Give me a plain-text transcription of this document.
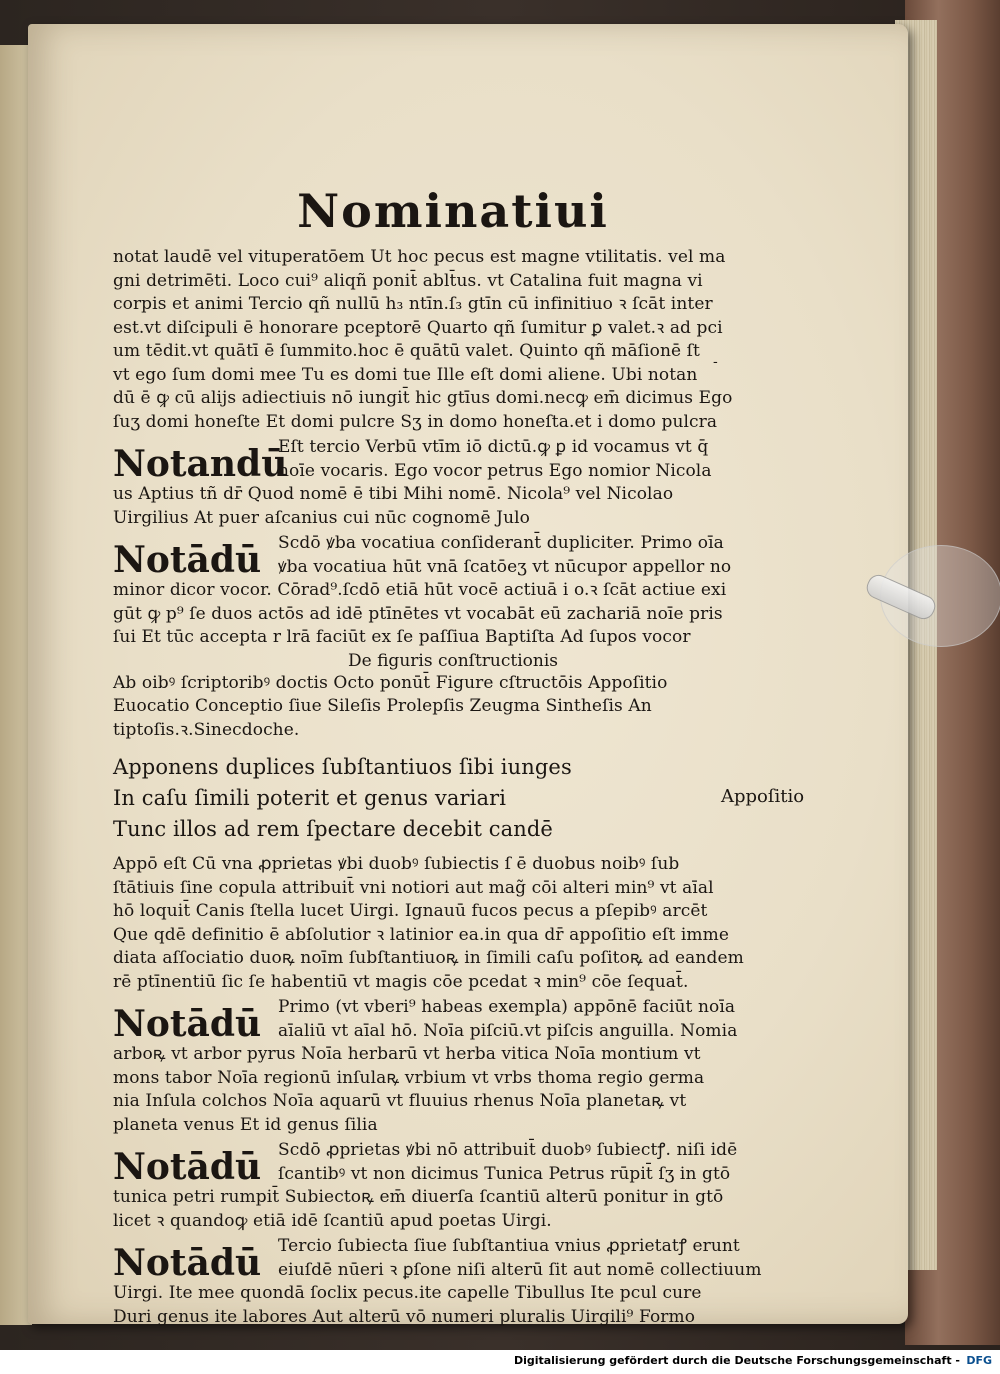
Nominatiui
notat laudē vel vituperatōem Ut hoc pecus est magne vtilitatis. vel ma
gni detrimēti. Loco cui⁹ aliqñ ponit̄ ablt̄us. vt Catalina fuit magna vi
corpis et animi Tercio qñ nullū h₃ ntīn.ſ₃ gtīn cū infinitiuo ꝛ ſcāt inter
est.vt diſcipuli ē honorare pceptorē Quarto qñ ſumitur ꝑ valet.ꝛ ad pci
um tēdit.vt quātī ē ſummito.hoc ē quātū valet. Quinto qñ māſionē ſt
vt ego ſum domi mee Tu es domi tue Ille eſt domi aliene. Ubi notan
dū ē ꝙ cū alijs adiectiuis nō iungit̄ hic gtīus domi.necꝙ em̄ dicimus Ego
ſuʒ domi honeſte Et domi pulcre Sʒ in domo honeſta.et i domo pulcra
Notandū
Eſt tercio Verbū vtīm iō dictū.ꝙ ꝑ id vocamus vt q̄
noīe vocaris. Ego vocor petrus Ego nomior Nicola
us Aptius tñ dr̄ Quod nomē ē tibi Mihi nomē. Nicola⁹ vel Nicolao
Uirgilius At puer aſcanius cui nūc cognomē Julo
Notādū Scdō ꝟba vocatiua conſiderant̄ dupliciter. Primo oīa
ꝟba vocatiua hūt vnā ſcatōeʒ vt nūcupor appellor no
minor dicor vocor. Cōrad⁹.ſcdō etiā hūt vocē actiuā i o.ꝛ ſcāt actiue exi
gūt ꝙ p⁹ ſe duos actōs ad idē ptīnētes vt vocabāt eū zachariā noīe pris
ſui Et tūc accepta r lrā faciūt ex ſe paſſiua Baptiſta Ad ſupos vocor
De figuris conſtructionis
Ab oibꝰ ſcriptoribꝰ doctis Octo ponūt̄ Figure cſtructōis Appoſitio
Euocatio Conceptio ſiue Sileſis Prolepſis Zeugma Sintheſis An
tiptoſis.ꝛ.Sinecdoche.
Apponens duplices ſubſtantiuos ſibi iunges
In caſu ſimili poterit et genus variari
Tunc illos ad rem ſpectare decebit candē
Appō eſt Cū vna ꝓprietas ꝟbi duobꝰ ſubiectis ſ ē duobus noibꝰ ſub
ſtātiuis ſine copula attribuit̄ vni notiori aut mag̃ cōi alteri min⁹ vt aīal
hō loquit̄ Canis ſtella lucet Uirgi. Ignauū fucos pecus a pſepibꝰ arcēt
Que qdē definitio ē abſolutior ꝛ latinior ea.in qua dr̄ appoſitio eſt imme
diata aſſociatio duoꝶ noīm ſubſtantiuoꝶ in ſimili caſu poſitoꝶ ad eandem
rē ptīnentiū ſic ſe habentiū vt magis cōe pcedat ꝛ min⁹ cōe ſequat̄.
Notādū Primo (vt vberi⁹ habeas exempla) appōnē faciūt noīa
aīaliū vt aīal hō. Noīa piſciū.vt piſcis anguilla. Nomia
arboꝶ vt arbor pyrus Noīa herbarū vt herba vitica Noīa montium vt
mons tabor Noīa regionū inſulaꝶ vrbium vt vrbs thoma regio germa
nia Inſula colchos Noīa aquarū vt fluuius rhenus Noīa planetaꝶ vt
planeta venus Et id genus ſilia
Notādū Scdō ꝓprietas ꝟbi nō attribuit̄ duobꝰ ſubiectꝭ. niſi idē
ſcantibꝰ vt non dicimus Tunica Petrus rūpit̄ ſʒ in gtō
tunica petri rumpit̄ Subiectoꝶ em̄ diuerſa ſcantiū alterū ponitur in gtō
licet ꝛ quandoꝙ etiā idē ſcantiū apud poetas Uirgi.
Notādū Tercio ſubiecta ſiue ſubſtantiua vnius ꝓprietatꝭ erunt
eiuſdē nūeri ꝛ ꝑſone niſi alterū ſit aut nomē collectiuum
Uirgi. Ite mee quondā ſoclix pecus.ite capelle Tibullus Ite pcul cure
Duri genus ite labores Aut alterū vō numeri pluralis Uirgili⁹ Formo
Appoſitio
-
Digitalisierung gefördert durch die Deutsche Forschungsgemeinschaft - DFG
